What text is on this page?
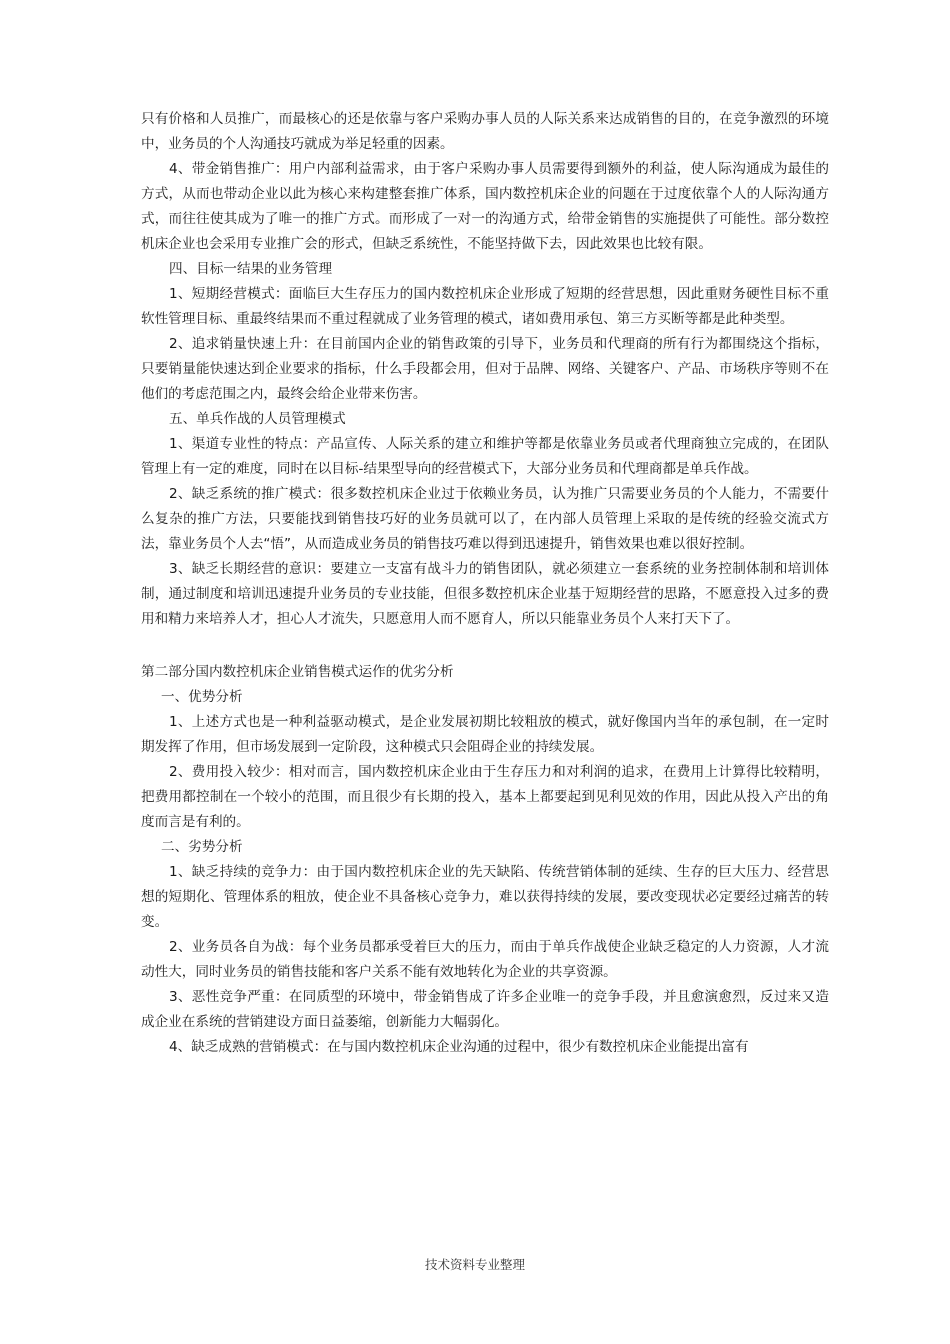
只有价格和人员推广，而最核心的还是依靠与客户采购办事人员的人际关系来达成销售的目的，在竞争激烈的环境中，业务员的个人沟通技巧就成为举足轻重的因素。

4、带金销售推广：用户内部利益需求，由于客户采购办事人员需要得到额外的利益，使人际沟通成为最佳的方式，从而也带动企业以此为核心来构建整套推广体系，国内数控机床企业的问题在于过度依靠个人的人际沟通方式，而往往使其成为了唯一的推广方式。而形成了一对一的沟通方式，给带金销售的实施提供了可能性。部分数控机床企业也会采用专业推广会的形式，但缺乏系统性，不能坚持做下去，因此效果也比较有限。

四、目标一结果的业务管理

1、短期经营模式：面临巨大生存压力的国内数控机床企业形成了短期的经营思想，因此重财务硬性目标不重软性管理目标、重最终结果而不重过程就成了业务管理的模式，诸如费用承包、第三方买断等都是此种类型。

2、追求销量快速上升：在目前国内企业的销售政策的引导下，业务员和代理商的所有行为都围绕这个指标，只要销量能快速达到企业要求的指标，什么手段都会用，但对于品牌、网络、关键客户、产品、市场秩序等则不在他们的考虑范围之内，最终会给企业带来伤害。

五、单兵作战的人员管理模式

1、渠道专业性的特点：产品宣传、人际关系的建立和维护等都是依靠业务员或者代理商独立完成的，在团队管理上有一定的难度，同时在以目标-结果型导向的经营模式下，大部分业务员和代理商都是单兵作战。

2、缺乏系统的推广模式：很多数控机床企业过于依赖业务员，认为推广只需要业务员的个人能力，不需要什么复杂的推广方法，只要能找到销售技巧好的业务员就可以了，在内部人员管理上采取的是传统的经验交流式方法，靠业务员个人去“悟”，从而造成业务员的销售技巧难以得到迅速提升，销售效果也难以很好控制。

3、缺乏长期经营的意识：要建立一支富有战斗力的销售团队，就必须建立一套系统的业务控制体制和培训体制，通过制度和培训迅速提升业务员的专业技能，但很多数控机床企业基于短期经营的思路，不愿意投入过多的费用和精力来培养人才，担心人才流失，只愿意用人而不愿育人，所以只能靠业务员个人来打天下了。

第二部分国内数控机床企业销售模式运作的优劣分析

一、优势分析

1、上述方式也是一种利益驱动模式，是企业发展初期比较粗放的模式，就好像国内当年的承包制，在一定时期发挥了作用，但市场发展到一定阶段，这种模式只会阻碍企业的持续发展。

2、费用投入较少：相对而言，国内数控机床企业由于生存压力和对利润的追求，在费用上计算得比较精明，把费用都控制在一个较小的范围，而且很少有长期的投入，基本上都要起到见利见效的作用，因此从投入产出的角度而言是有利的。

二、劣势分析

1、缺乏持续的竞争力：由于国内数控机床企业的先天缺陷、传统营销体制的延续、生存的巨大压力、经营思想的短期化、管理体系的粗放，使企业不具备核心竞争力，难以获得持续的发展，要改变现状必定要经过痛苦的转变。

2、业务员各自为战：每个业务员都承受着巨大的压力，而由于单兵作战使企业缺乏稳定的人力资源，人才流动性大，同时业务员的销售技能和客户关系不能有效地转化为企业的共享资源。

3、恶性竞争严重：在同质型的环境中，带金销售成了许多企业唯一的竞争手段，并且愈演愈烈，反过来又造成企业在系统的营销建设方面日益萎缩，创新能力大幅弱化。

4、缺乏成熟的营销模式：在与国内数控机床企业沟通的过程中，很少有数控机床企业能提出富有

技术资料专业整理
